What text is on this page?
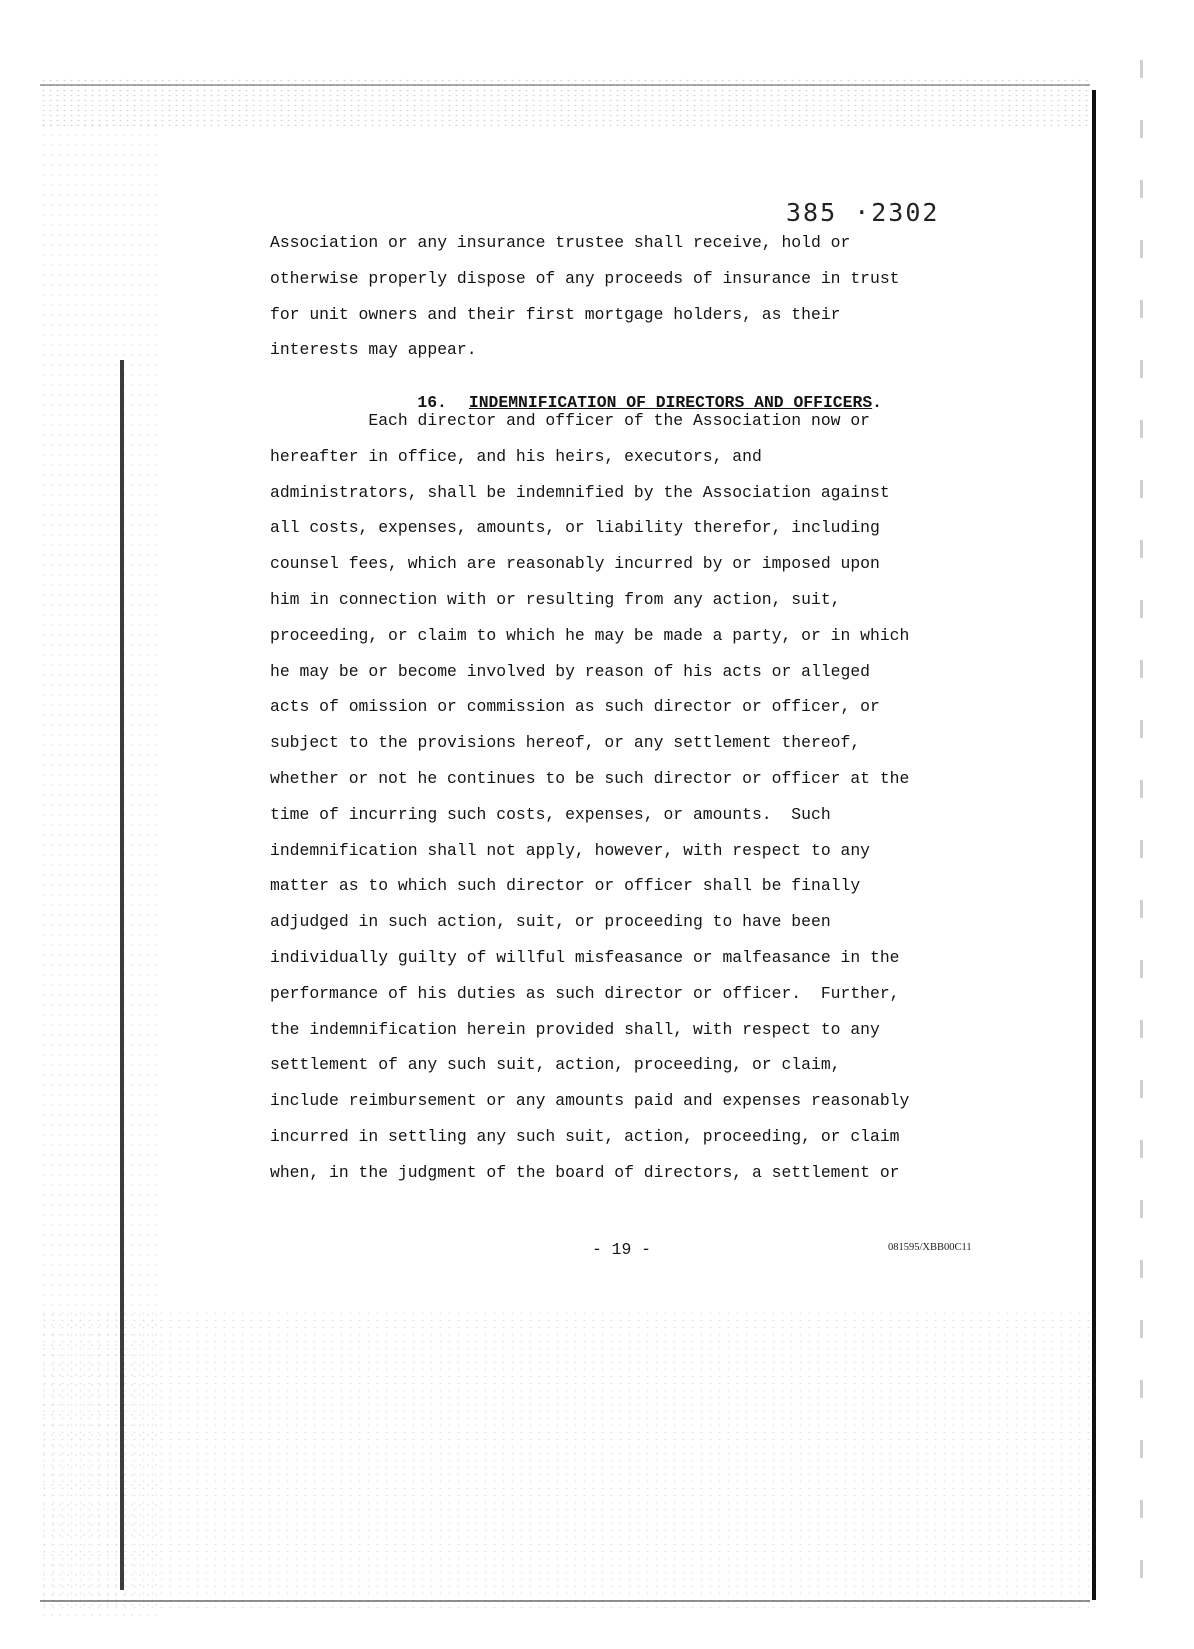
385 ·2302
Association or any insurance trustee shall receive, hold or
otherwise properly dispose of any proceeds of insurance in trust
for unit owners and their first mortgage holders, as their
interests may appear.

16. INDEMNIFICATION OF DIRECTORS AND OFFICERS.

Each director and officer of the Association now or
hereafter in office, and his heirs, executors, and
administrators, shall be indemnified by the Association against
all costs, expenses, amounts, or liability therefor, including
counsel fees, which are reasonably incurred by or imposed upon
him in connection with or resulting from any action, suit,
proceeding, or claim to which he may be made a party, or in which
he may be or become involved by reason of his acts or alleged
acts of omission or commission as such director or officer, or
subject to the provisions hereof, or any settlement thereof,
whether or not he continues to be such director or officer at the
time of incurring such costs, expenses, or amounts.  Such
indemnification shall not apply, however, with respect to any
matter as to which such director or officer shall be finally
adjudged in such action, suit, or proceeding to have been
individually guilty of willful misfeasance or malfeasance in the
performance of his duties as such director or officer.  Further,
the indemnification herein provided shall, with respect to any
settlement of any such suit, action, proceeding, or claim,
include reimbursement or any amounts paid and expenses reasonably
incurred in settling any such suit, action, proceeding, or claim
when, in the judgment of the board of directors, a settlement or
- 19 -	081595/XBB00C11
